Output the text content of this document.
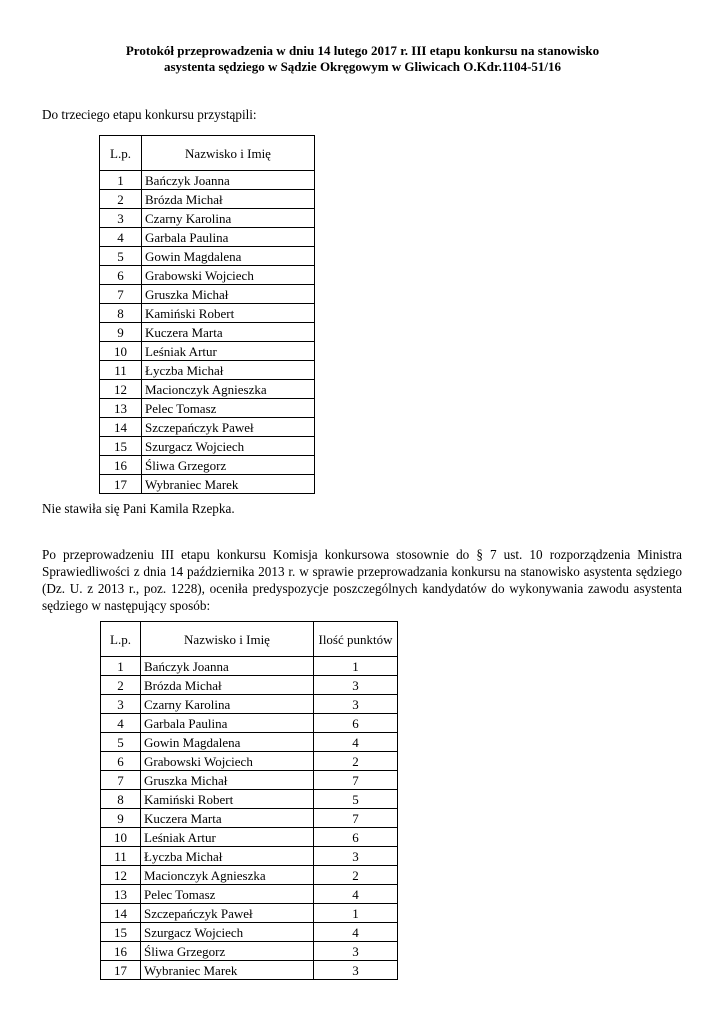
Protokół przeprowadzenia w dniu 14 lutego 2017 r. III etapu konkursu na stanowisko
asystenta sędziego w Sądzie Okręgowym w Gliwicach O.Kdr.1104-51/16
Do trzeciego etapu konkursu przystąpili:
L.p.	Nazwisko i Imię
1	Bańczyk Joanna
2	Brózda Michał
3	Czarny Karolina
4	Garbala Paulina
5	Gowin Magdalena
6	Grabowski Wojciech
7	Gruszka Michał
8	Kamiński Robert
9	Kuczera Marta
10	Leśniak Artur
11	Łyczba Michał
12	Macionczyk Agnieszka
13	Pelec Tomasz
14	Szczepańczyk Paweł
15	Szurgacz Wojciech
16	Śliwa Grzegorz
17	Wybraniec Marek
Nie stawiła się Pani Kamila Rzepka.
Po przeprowadzeniu III etapu konkursu Komisja konkursowa stosownie do § 7 ust. 10 rozporządzenia Ministra Sprawiedliwości z dnia 14 października 2013 r. w sprawie przeprowadzania konkursu na stanowisko asystenta sędziego (Dz. U. z 2013 r., poz. 1228), oceniła predyspozycje poszczególnych kandydatów do wykonywania zawodu asystenta sędziego w następujący sposób:
L.p.	Nazwisko i Imię	Ilość punktów
1	Bańczyk Joanna	1
2	Brózda Michał	3
3	Czarny Karolina	3
4	Garbala Paulina	6
5	Gowin Magdalena	4
6	Grabowski Wojciech	2
7	Gruszka Michał	7
8	Kamiński Robert	5
9	Kuczera Marta	7
10	Leśniak Artur	6
11	Łyczba Michał	3
12	Macionczyk Agnieszka	2
13	Pelec Tomasz	4
14	Szczepańczyk Paweł	1
15	Szurgacz Wojciech	4
16	Śliwa Grzegorz	3
17	Wybraniec Marek	3
